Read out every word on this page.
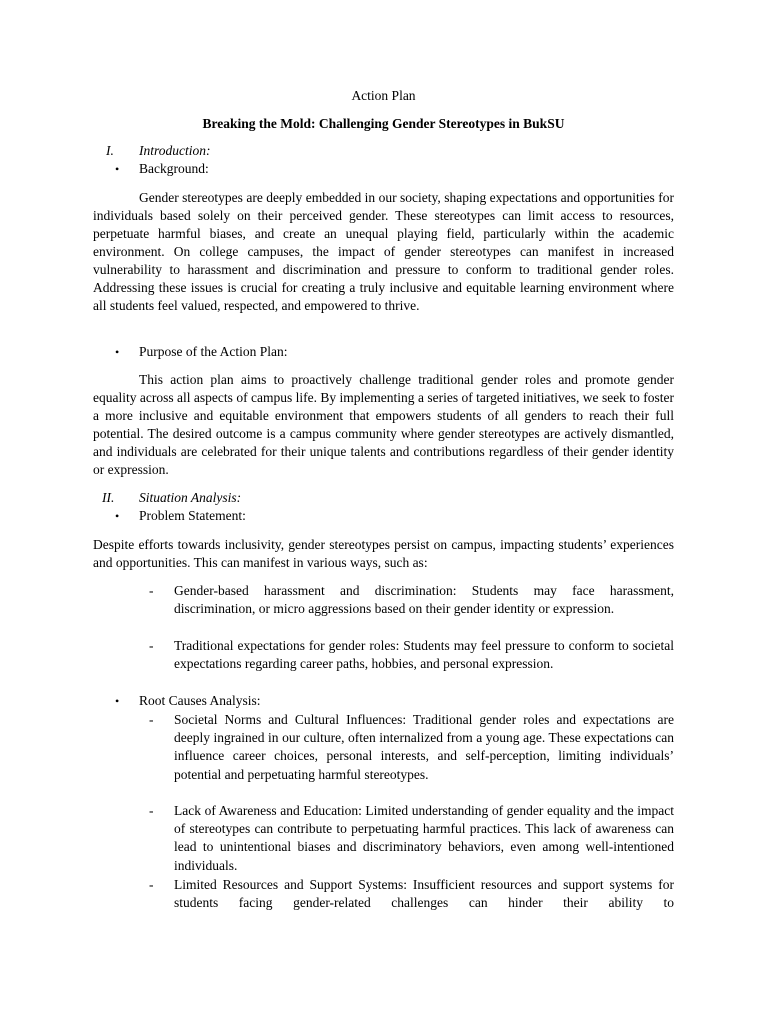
Action Plan
Breaking the Mold: Challenging Gender Stereotypes in BukSU
I. Introduction:
• Background:

Gender stereotypes are deeply embedded in our society, shaping expectations and opportunities for individuals based solely on their perceived gender. These stereotypes can limit access to resources, perpetuate harmful biases, and create an unequal playing field, particularly within the academic environment. On college campuses, the impact of gender stereotypes can manifest in increased vulnerability to harassment and discrimination and pressure to conform to traditional gender roles. Addressing these issues is crucial for creating a truly inclusive and equitable learning environment where all students feel valued, respected, and empowered to thrive.

• Purpose of the Action Plan:

This action plan aims to proactively challenge traditional gender roles and promote gender equality across all aspects of campus life. By implementing a series of targeted initiatives, we seek to foster a more inclusive and equitable environment that empowers students of all genders to reach their full potential. The desired outcome is a campus community where gender stereotypes are actively dismantled, and individuals are celebrated for their unique talents and contributions regardless of their gender identity or expression.

II. Situation Analysis:
• Problem Statement:

Despite efforts towards inclusivity, gender stereotypes persist on campus, impacting students’ experiences and opportunities. This can manifest in various ways, such as:

- Gender-based harassment and discrimination: Students may face harassment, discrimination, or micro aggressions based on their gender identity or expression.

- Traditional expectations for gender roles: Students may feel pressure to conform to societal expectations regarding career paths, hobbies, and personal expression.

• Root Causes Analysis:
- Societal Norms and Cultural Influences: Traditional gender roles and expectations are deeply ingrained in our culture, often internalized from a young age. These expectations can influence career choices, personal interests, and self-perception, limiting individuals’ potential and perpetuating harmful stereotypes.

- Lack of Awareness and Education: Limited understanding of gender equality and the impact of stereotypes can contribute to perpetuating harmful practices. This lack of awareness can lead to unintentional biases and discriminatory behaviors, even among well-intentioned individuals.

- Limited Resources and Support Systems: Insufficient resources and support systems for students facing gender-related challenges can hinder their ability to
